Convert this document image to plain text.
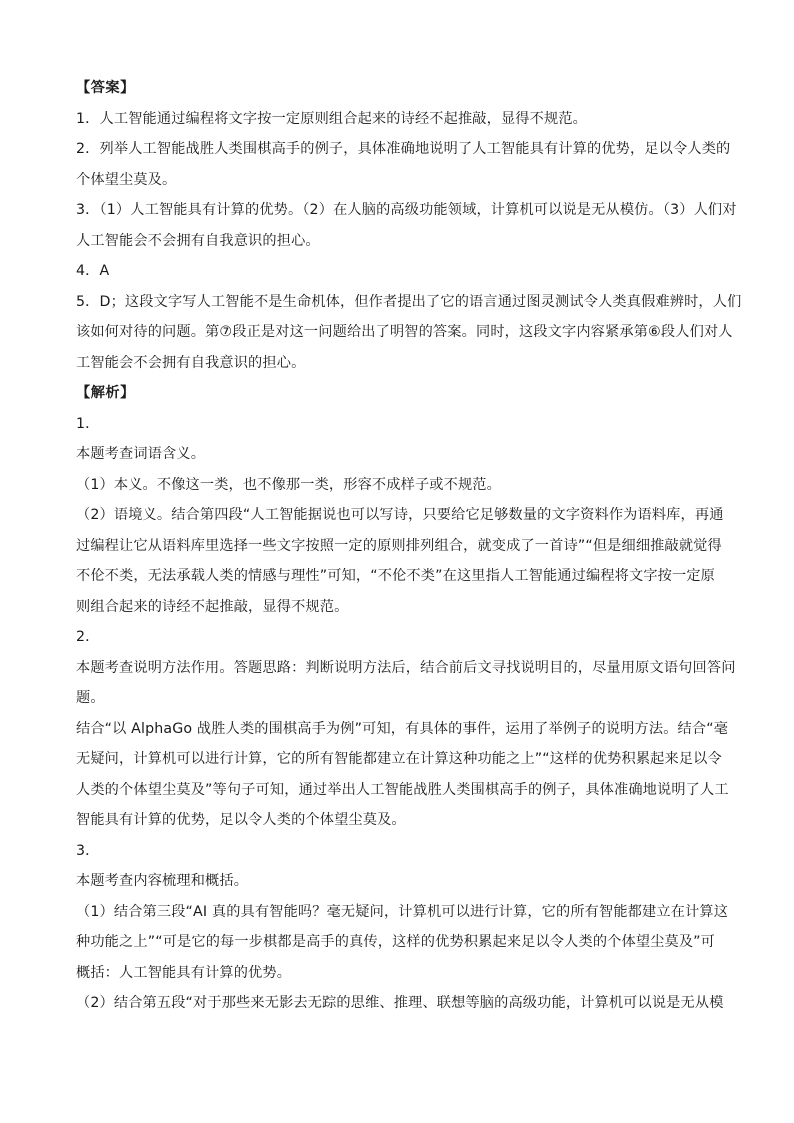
【答案】
1．人工智能通过编程将文字按一定原则组合起来的诗经不起推敲，显得不规范。
2．列举人工智能战胜人类围棋高手的例子，具体准确地说明了人工智能具有计算的优势，足以令人类的
个体望尘莫及。
3．（1）人工智能具有计算的优势。（2）在人脑的高级功能领域，计算机可以说是无从模仿。（3）人们对
人工智能会不会拥有自我意识的担心。
4．A
5．D；这段文字写人工智能不是生命机体，但作者提出了它的语言通过图灵测试令人类真假难辨时，人们
该如何对待的问题。第⑦段正是对这一问题给出了明智的答案。同时，这段文字内容紧承第⑥段人们对人
工智能会不会拥有自我意识的担心。
【解析】
1．
本题考查词语含义。
（1）本义。不像这一类，也不像那一类，形容不成样子或不规范。
（2）语境义。结合第四段“人工智能据说也可以写诗，只要给它足够数量的文字资料作为语料库，再通
过编程让它从语料库里选择一些文字按照一定的原则排列组合，就变成了一首诗”“但是细细推敲就觉得
不伦不类，无法承载人类的情感与理性”可知，“不伦不类”在这里指人工智能通过编程将文字按一定原
则组合起来的诗经不起推敲，显得不规范。
2．
本题考查说明方法作用。答题思路：判断说明方法后，结合前后文寻找说明目的，尽量用原文语句回答问
题。
结合“以 AlphaGo 战胜人类的围棋高手为例”可知，有具体的事件，运用了举例子的说明方法。结合“毫
无疑问，计算机可以进行计算，它的所有智能都建立在计算这种功能之上”“这样的优势积累起来足以令
人类的个体望尘莫及”等句子可知，通过举出人工智能战胜人类围棋高手的例子，具体准确地说明了人工
智能具有计算的优势，足以令人类的个体望尘莫及。
3．
本题考查内容梳理和概括。
（1）结合第三段“AI 真的具有智能吗？毫无疑问，计算机可以进行计算，它的所有智能都建立在计算这
种功能之上”“可是它的每一步棋都是高手的真传，这样的优势积累起来足以令人类的个体望尘莫及”可
概括：人工智能具有计算的优势。
（2）结合第五段“对于那些来无影去无踪的思维、推理、联想等脑的高级功能，计算机可以说是无从模
